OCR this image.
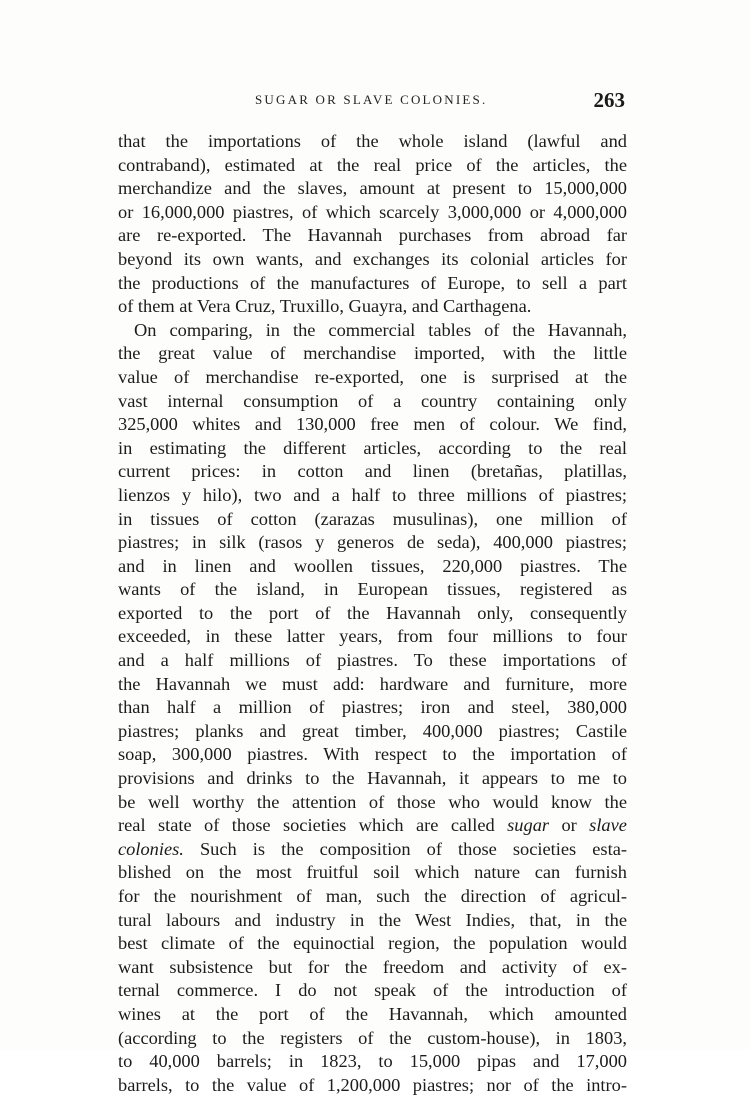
SUGAR OR SLAVE COLONIES.	263
that the importations of the whole island (lawful and
contraband), estimated at the real price of the articles, the
merchandize and the slaves, amount at present to 15,000,000
or 16,000,000 piastres, of which scarcely 3,000,000 or 4,000,000
are re-exported. The Havannah purchases from abroad far
beyond its own wants, and exchanges its colonial articles for
the productions of the manufactures of Europe, to sell a part
of them at Vera Cruz, Truxillo, Guayra, and Carthagena.
On comparing, in the commercial tables of the Havannah,
the great value of merchandise imported, with the little
value of merchandise re-exported, one is surprised at the
vast internal consumption of a country containing only
325,000 whites and 130,000 free men of colour. We find,
in estimating the different articles, according to the real
current prices: in cotton and linen (bretañas, platillas,
lienzos y hilo), two and a half to three millions of piastres;
in tissues of cotton (zarazas musulinas), one million of
piastres; in silk (rasos y generos de seda), 400,000 piastres;
and in linen and woollen tissues, 220,000 piastres. The
wants of the island, in European tissues, registered as
exported to the port of the Havannah only, consequently
exceeded, in these latter years, from four millions to four
and a half millions of piastres. To these importations of
the Havannah we must add: hardware and furniture, more
than half a million of piastres; iron and steel, 380,000
piastres; planks and great timber, 400,000 piastres; Castile
soap, 300,000 piastres. With respect to the importation of
provisions and drinks to the Havannah, it appears to me to
be well worthy the attention of those who would know the
real state of those societies which are called sugar or slave
colonies. Such is the composition of those societies esta-
blished on the most fruitful soil which nature can furnish
for the nourishment of man, such the direction of agricul-
tural labours and industry in the West Indies, that, in the
best climate of the equinoctial region, the population would
want subsistence but for the freedom and activity of ex-
ternal commerce. I do not speak of the introduction of
wines at the port of the Havannah, which amounted
(according to the registers of the custom-house), in 1803,
to 40,000 barrels; in 1823, to 15,000 pipas and 17,000
barrels, to the value of 1,200,000 piastres; nor of the intro-
